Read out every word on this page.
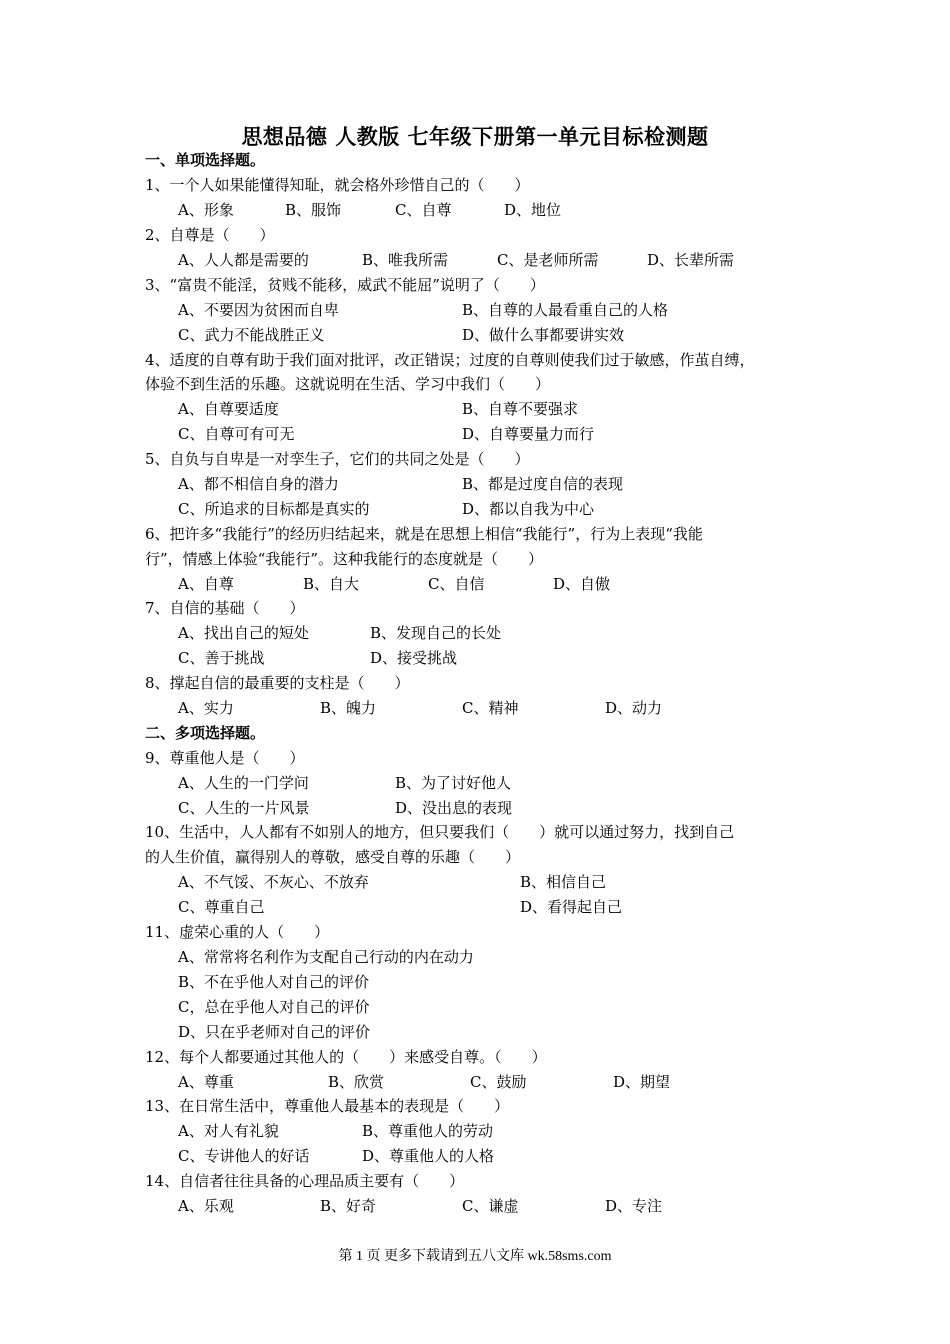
思想品德 人教版 七年级下册第一单元目标检测题
一、单项选择题。
1、一个人如果能懂得知耻，就会格外珍惜自己的（　　）
A、形象	B、服饰	C、自尊	D、地位
2、自尊是（　　）
A、人人都是需要的	B、唯我所需	C、是老师所需	D、长辈所需
3、“富贵不能淫，贫贱不能移，威武不能屈”说明了（　　）
A、不要因为贫困而自卑	B、自尊的人最看重自己的人格
C、武力不能战胜正义	D、做什么事都要讲实效
4、适度的自尊有助于我们面对批评，改正错误；过度的自尊则使我们过于敏感，作茧自缚，
体验不到生活的乐趣。这就说明在生活、学习中我们（　　）
A、自尊要适度	B、自尊不要强求
C、自尊可有可无	D、自尊要量力而行
5、自负与自卑是一对孪生子，它们的共同之处是（　　）
A、都不相信自身的潜力	B、都是过度自信的表现
C、所追求的目标都是真实的	D、都以自我为中心
6、把许多“我能行”的经历归结起来，就是在思想上相信“我能行”，行为上表现“我能
行”，情感上体验“我能行”。这种我能行的态度就是（　　）
A、自尊	B、自大	C、自信	D、自傲
7、自信的基础（　　）
A、找出自己的短处	B、发现自己的长处
C、善于挑战	D、接受挑战
8、撑起自信的最重要的支柱是（　　）
A、实力	B、魄力	C、精神	D、动力
二、多项选择题。
9、尊重他人是（　　）
A、人生的一门学问	B、为了讨好他人
C、人生的一片风景	D、没出息的表现
10、生活中，人人都有不如别人的地方，但只要我们（　　）就可以通过努力，找到自己
的人生价值，赢得别人的尊敬，感受自尊的乐趣（　　）
A、不气馁、不灰心、不放弃	B、相信自己
C、尊重自己	D、看得起自己
11、虚荣心重的人（　　）
A、常常将名利作为支配自己行动的内在动力
B、不在乎他人对自己的评价
C，总在乎他人对自己的评价
D、只在乎老师对自己的评价
12、每个人都要通过其他人的（　　）来感受自尊。（　　）
A、尊重	B、欣赏	C、鼓励	D、期望
13、在日常生活中，尊重他人最基本的表现是（　　）
A、对人有礼貌	B、尊重他人的劳动
C、专讲他人的好话	D、尊重他人的人格
14、自信者往往具备的心理品质主要有（　　）
A、乐观	B、好奇	C、谦虚	D、专注
第 1 页 更多下载请到五八文库 wk.58sms.com
